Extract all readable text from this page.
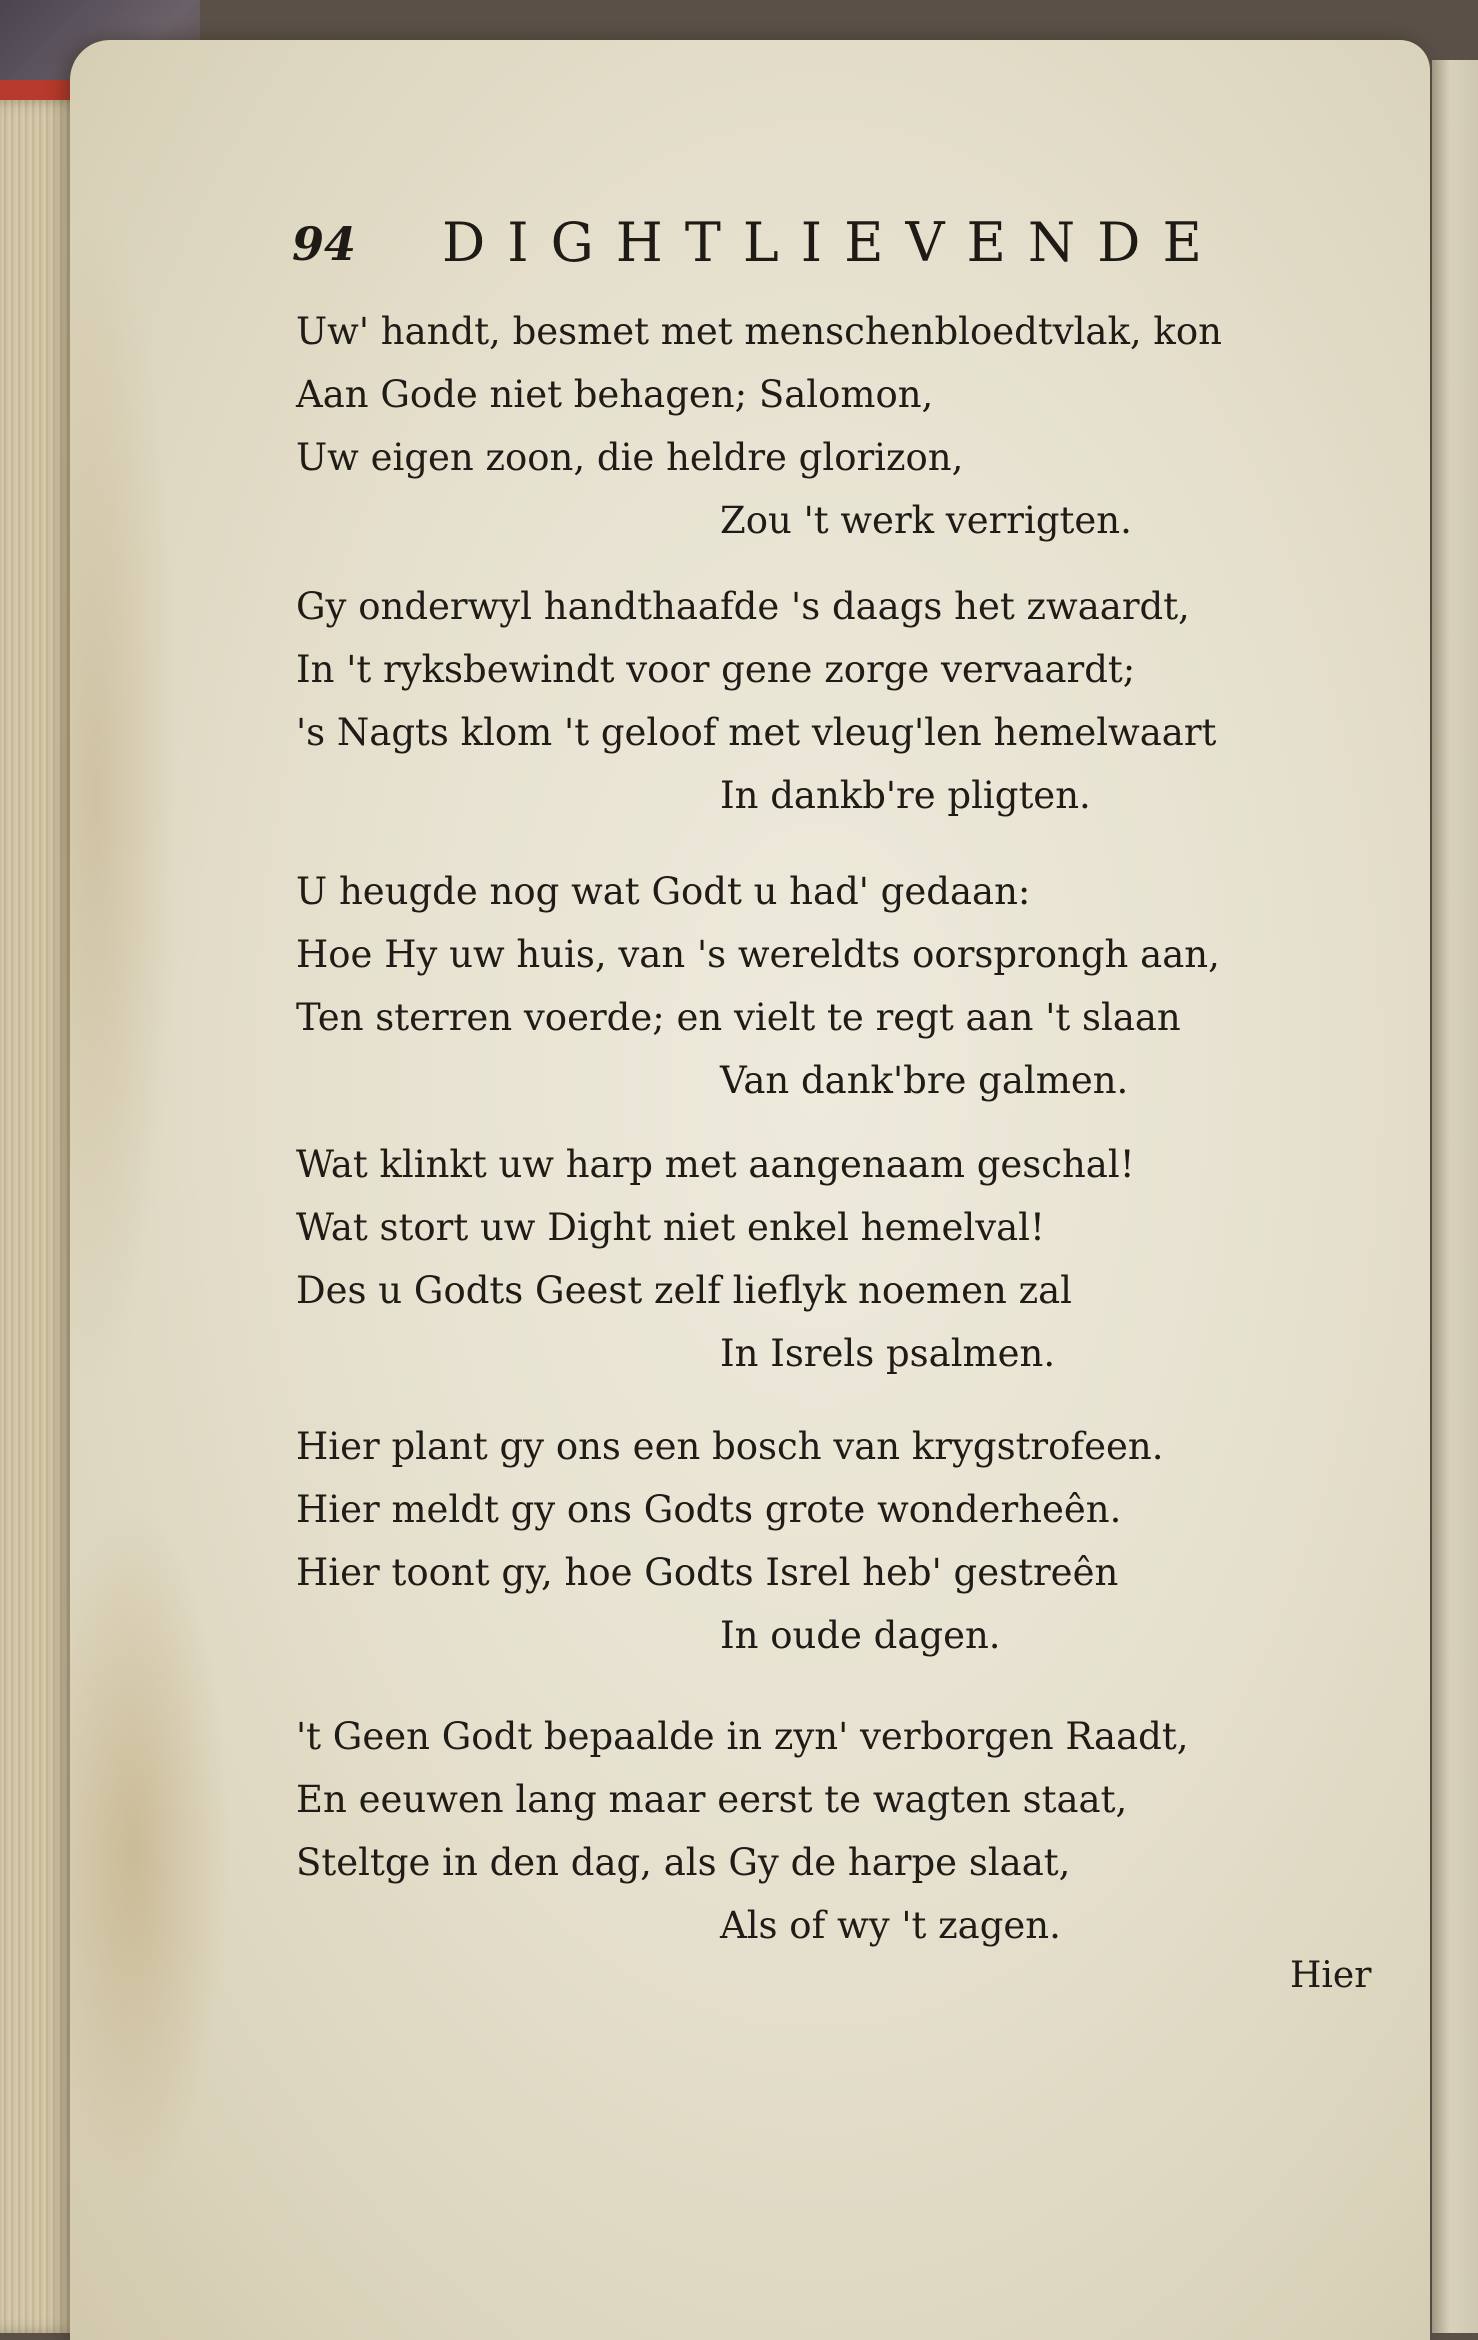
94 DIGHTLIEVENDE
Uw' handt, besmet met menschenbloedtvlak, kon
Aan Gode niet behagen; Salomon,
Uw eigen zoon, die heldre glorizon,
Zou 't werk verrigten.
Gy onderwyl handthaafde 's daags het zwaardt,
In 't ryksbewindt voor gene zorge vervaardt;
's Nagts klom 't geloof met vleug'len hemelwaart
In dankb're pligten.
U heugde nog wat Godt u had' gedaan:
Hoe Hy uw huis, van 's wereldts oorsprongh aan,
Ten sterren voerde; en vielt te regt aan 't slaan
Van dank'bre galmen.
Wat klinkt uw harp met aangenaam geschal!
Wat stort uw Dight niet enkel hemelval!
Des u Godts Geest zelf lieflyk noemen zal
In Isrels psalmen.
Hier plant gy ons een bosch van krygstrofeen.
Hier meldt gy ons Godts grote wonderheên.
Hier toont gy, hoe Godts Isrel heb' gestreên
In oude dagen.
't Geen Godt bepaalde in zyn' verborgen Raadt,
En eeuwen lang maar eerst te wagten staat,
Steltge in den dag, als Gy de harpe slaat,
Als of wy 't zagen.
Hier
